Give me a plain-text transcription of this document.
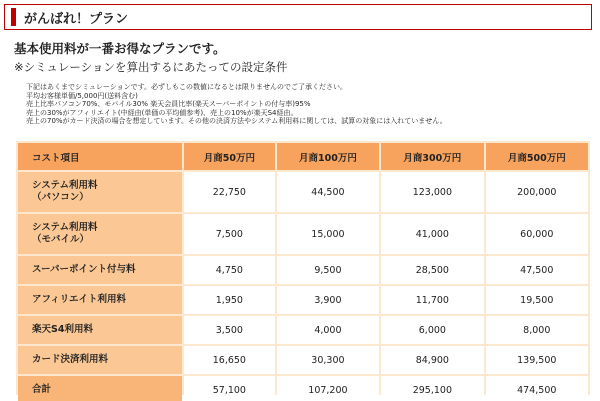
がんばれ！プラン
基本使用料が一番お得なプランです。
※シミュレーションを算出するにあたっての設定条件
下記はあくまでシミュレーションです。必ずしもこの数値になるとは限りませんのでご了承ください。
平均お客様単価/5,000円(送料含む)
売上比率パソコン70%、モバイル30% 楽天会員比率(楽天スーパーポイントの付与率)95%
売上の30%がアフィリエイト(中経由(単価の平均値参考)、売上の10%が楽天S4経由。
売上の70%がカード決済の場合を想定しています。その他の決済方法やシステム利用料に関しては、試算の対象には入れていません。
コスト項目	月商50万円	月商100万円	月商300万円	月商500万円
システム利用料
（パソコン）	22,750	44,500	123,000	200,000
システム利用料
（モバイル）	7,500	15,000	41,000	60,000
スーパーポイント付与料	4,750	9,500	28,500	47,500
アフィリエイト利用料	1,950	3,900	11,700	19,500
楽天S4利用料	3,500	4,000	6,000	8,000
カード決済利用料	16,650	30,300	84,900	139,500
合計	57,100	107,200	295,100	474,500
